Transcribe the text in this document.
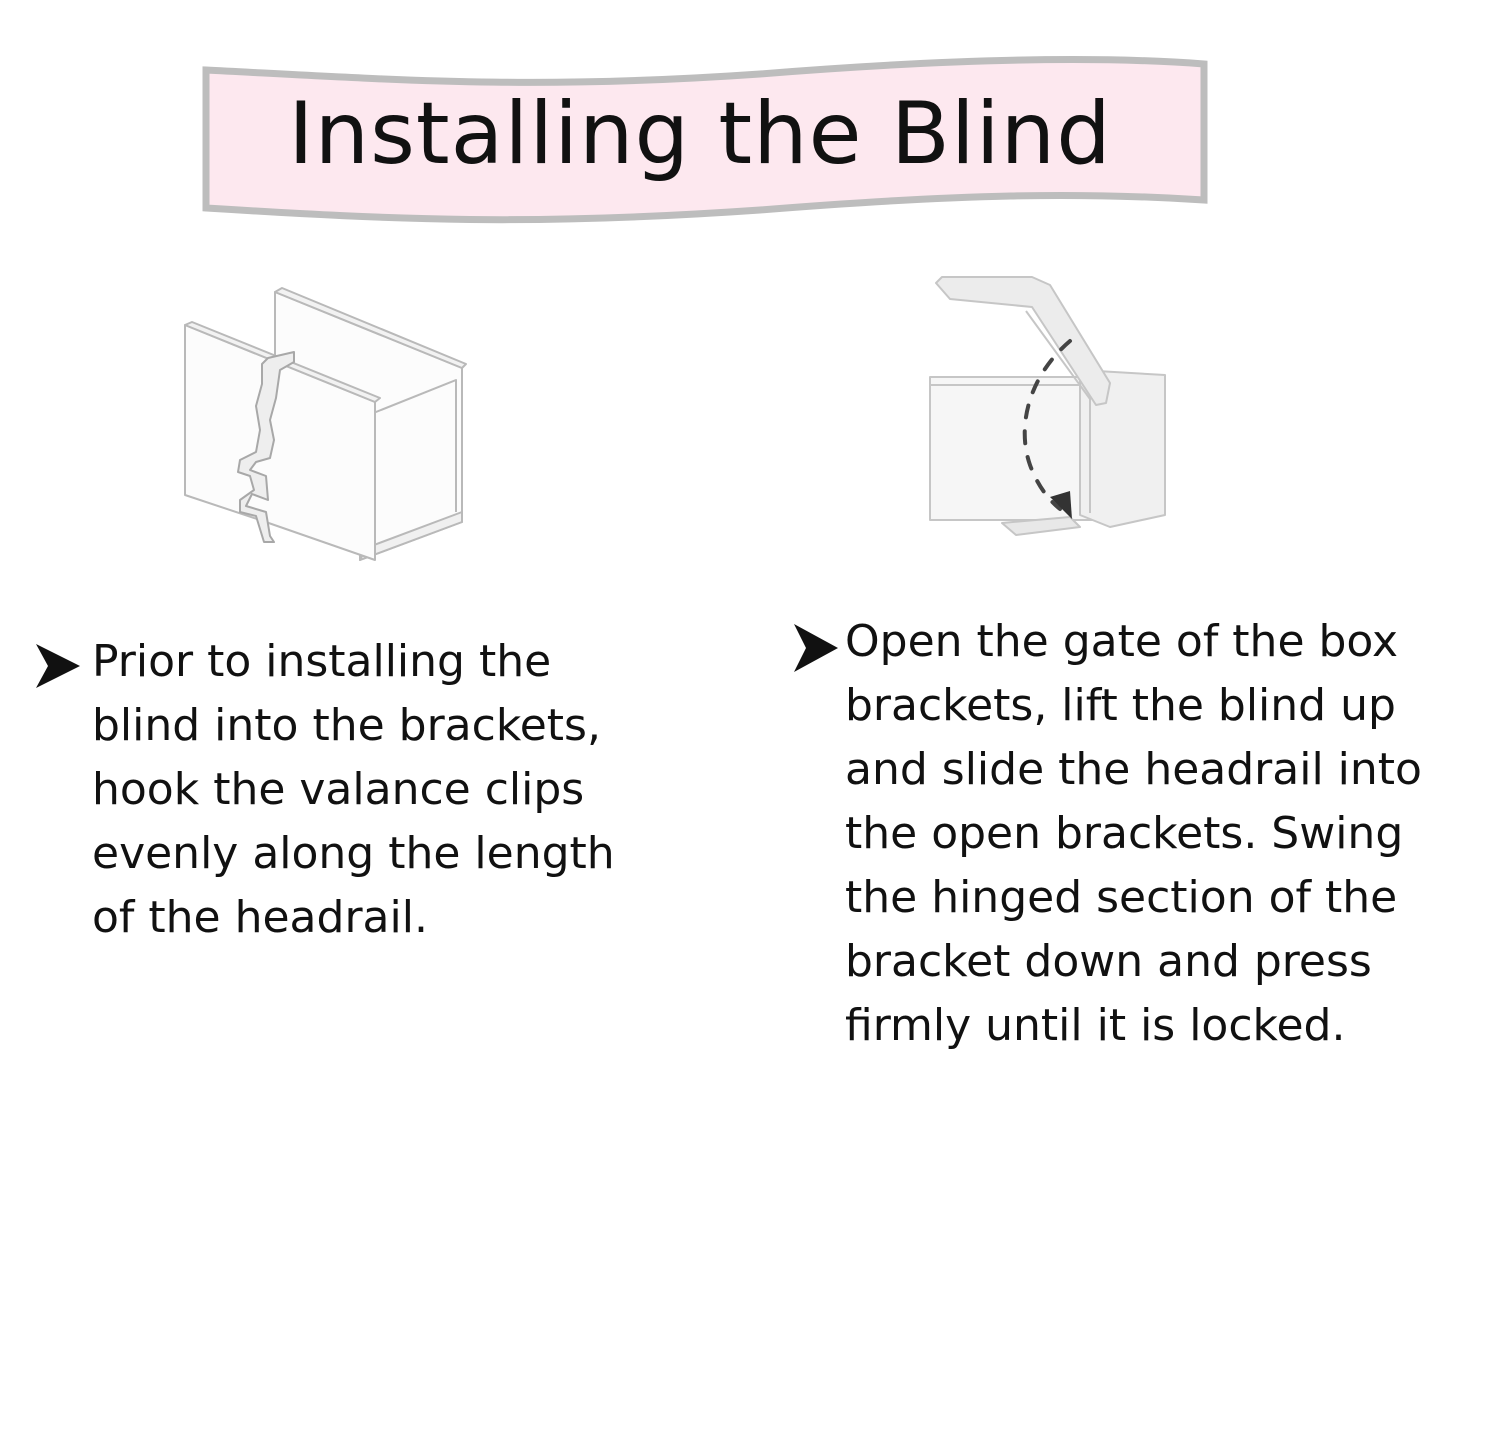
Installing the Blind
Prior to installing the blind into the brackets, hook the valance clips evenly along the length of the headrail.
Open the gate of the box brackets, lift the blind up and slide the headrail into the open brackets. Swing the hinged section of the bracket down and press firmly until it is locked.
